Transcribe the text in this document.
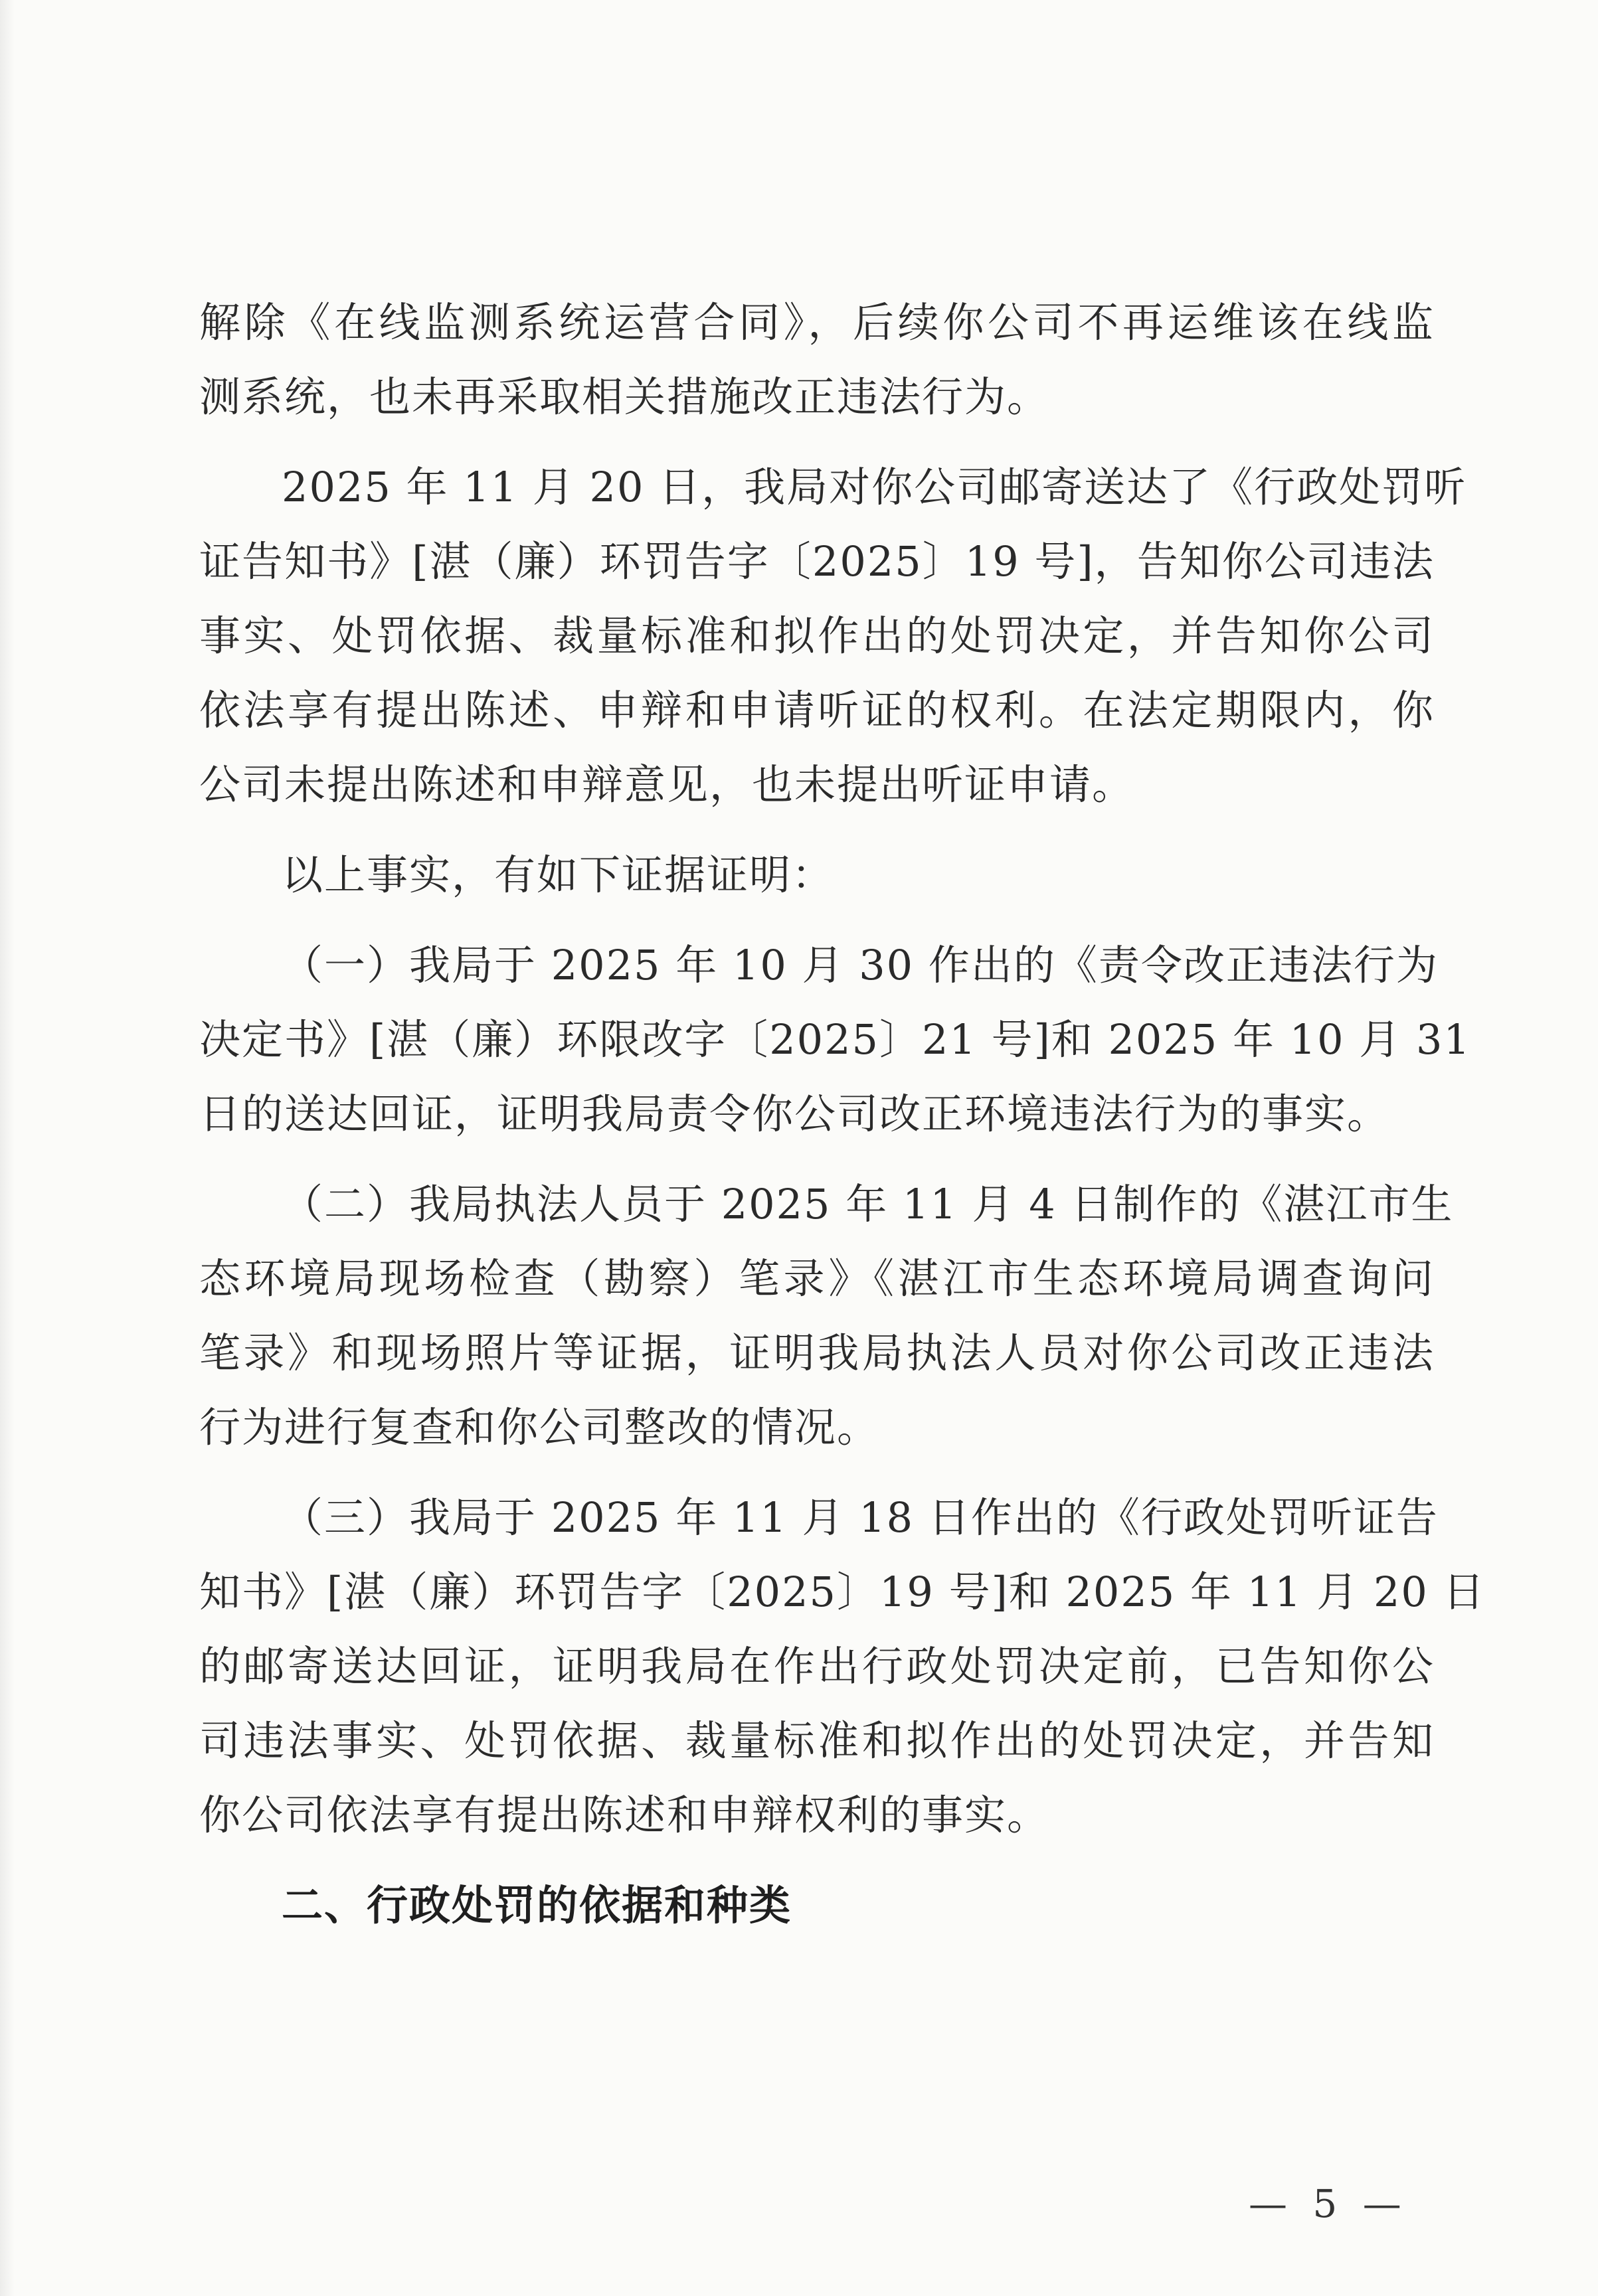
解除《在线监测系统运营合同》，后续你公司不再运维该在线监
测系统，也未再采取相关措施改正违法行为。
2025 年 11 月 20 日，我局对你公司邮寄送达了《行政处罚听
证告知书》[湛（廉）环罚告字〔2025〕19 号]，告知你公司违法
事实、处罚依据、裁量标准和拟作出的处罚决定，并告知你公司
依法享有提出陈述、申辩和申请听证的权利。在法定期限内，你
公司未提出陈述和申辩意见，也未提出听证申请。
以上事实，有如下证据证明：
（一）我局于 2025 年 10 月 30 作出的《责令改正违法行为
决定书》[湛（廉）环限改字〔2025〕21 号]和 2025 年 10 月 31
日的送达回证，证明我局责令你公司改正环境违法行为的事实。
（二）我局执法人员于 2025 年 11 月 4 日制作的《湛江市生
态环境局现场检查（勘察）笔录》《湛江市生态环境局调查询问
笔录》和现场照片等证据，证明我局执法人员对你公司改正违法
行为进行复查和你公司整改的情况。
（三）我局于 2025 年 11 月 18 日作出的《行政处罚听证告
知书》[湛（廉）环罚告字〔2025〕19 号]和 2025 年 11 月 20 日
的邮寄送达回证，证明我局在作出行政处罚决定前，已告知你公
司违法事实、处罚依据、裁量标准和拟作出的处罚决定，并告知
你公司依法享有提出陈述和申辩权利的事实。
二、行政处罚的依据和种类
— 5 —
